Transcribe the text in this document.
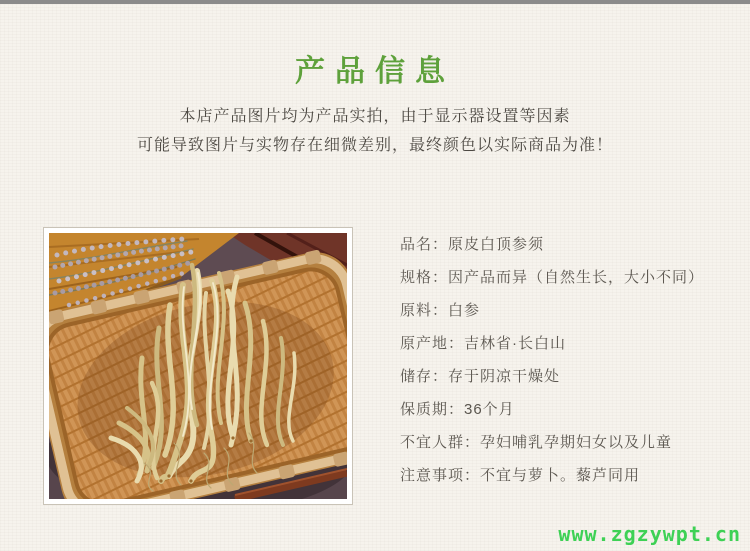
产品信息
本店产品图片均为产品实拍，由于显示器设置等因素
可能导致图片与实物存在细微差别，最终颜色以实际商品为准！
品名：原皮白顶参须
规格：因产品而异（自然生长，大小不同）
原料：白参
原产地：吉林省·长白山
储存：存于阴凉干燥处
保质期：36个月
不宜人群：孕妇哺乳孕期妇女以及儿童
注意事项：不宜与萝卜。藜芦同用
www.zgzywpt.cn
